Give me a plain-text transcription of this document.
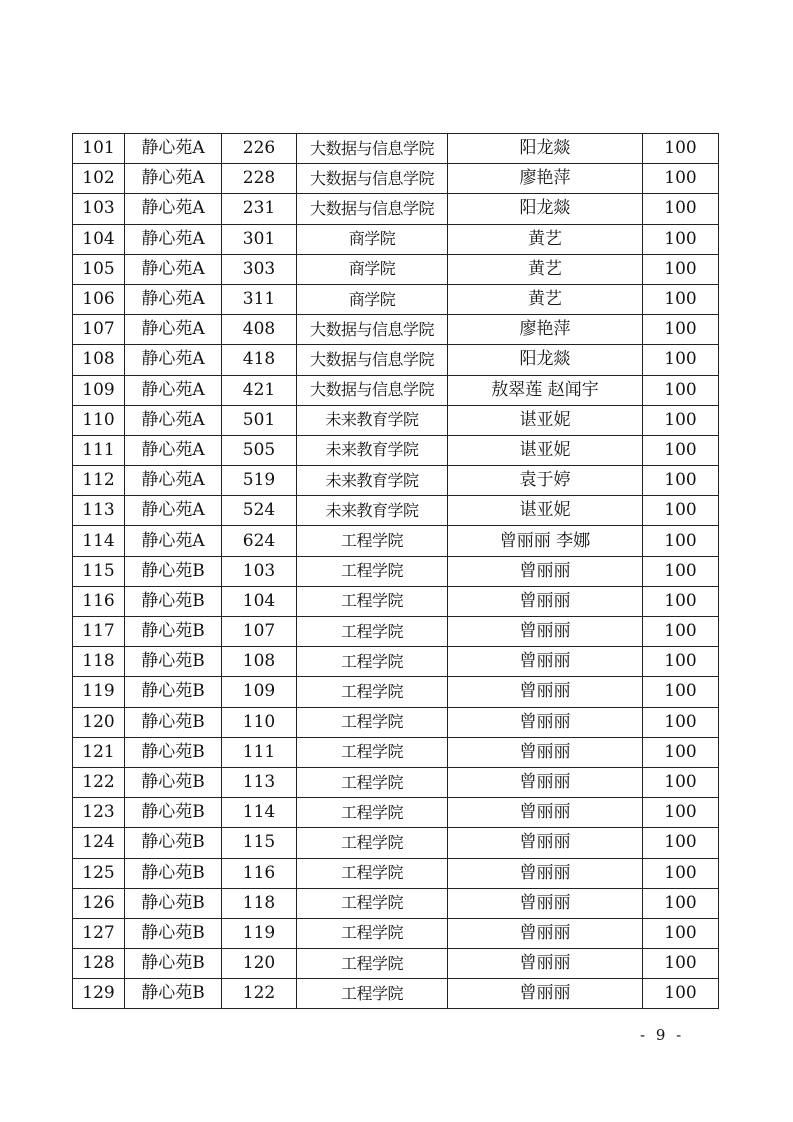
101	静心苑A	226	大数据与信息学院	阳龙燚	100
102	静心苑A	228	大数据与信息学院	廖艳萍	100
103	静心苑A	231	大数据与信息学院	阳龙燚	100
104	静心苑A	301	商学院	黄艺	100
105	静心苑A	303	商学院	黄艺	100
106	静心苑A	311	商学院	黄艺	100
107	静心苑A	408	大数据与信息学院	廖艳萍	100
108	静心苑A	418	大数据与信息学院	阳龙燚	100
109	静心苑A	421	大数据与信息学院	敖翠莲 赵闻宇	100
110	静心苑A	501	未来教育学院	谌亚妮	100
111	静心苑A	505	未来教育学院	谌亚妮	100
112	静心苑A	519	未来教育学院	袁于婷	100
113	静心苑A	524	未来教育学院	谌亚妮	100
114	静心苑A	624	工程学院	曾丽丽 李娜	100
115	静心苑B	103	工程学院	曾丽丽	100
116	静心苑B	104	工程学院	曾丽丽	100
117	静心苑B	107	工程学院	曾丽丽	100
118	静心苑B	108	工程学院	曾丽丽	100
119	静心苑B	109	工程学院	曾丽丽	100
120	静心苑B	110	工程学院	曾丽丽	100
121	静心苑B	111	工程学院	曾丽丽	100
122	静心苑B	113	工程学院	曾丽丽	100
123	静心苑B	114	工程学院	曾丽丽	100
124	静心苑B	115	工程学院	曾丽丽	100
125	静心苑B	116	工程学院	曾丽丽	100
126	静心苑B	118	工程学院	曾丽丽	100
127	静心苑B	119	工程学院	曾丽丽	100
128	静心苑B	120	工程学院	曾丽丽	100
129	静心苑B	122	工程学院	曾丽丽	100
- 9 -
